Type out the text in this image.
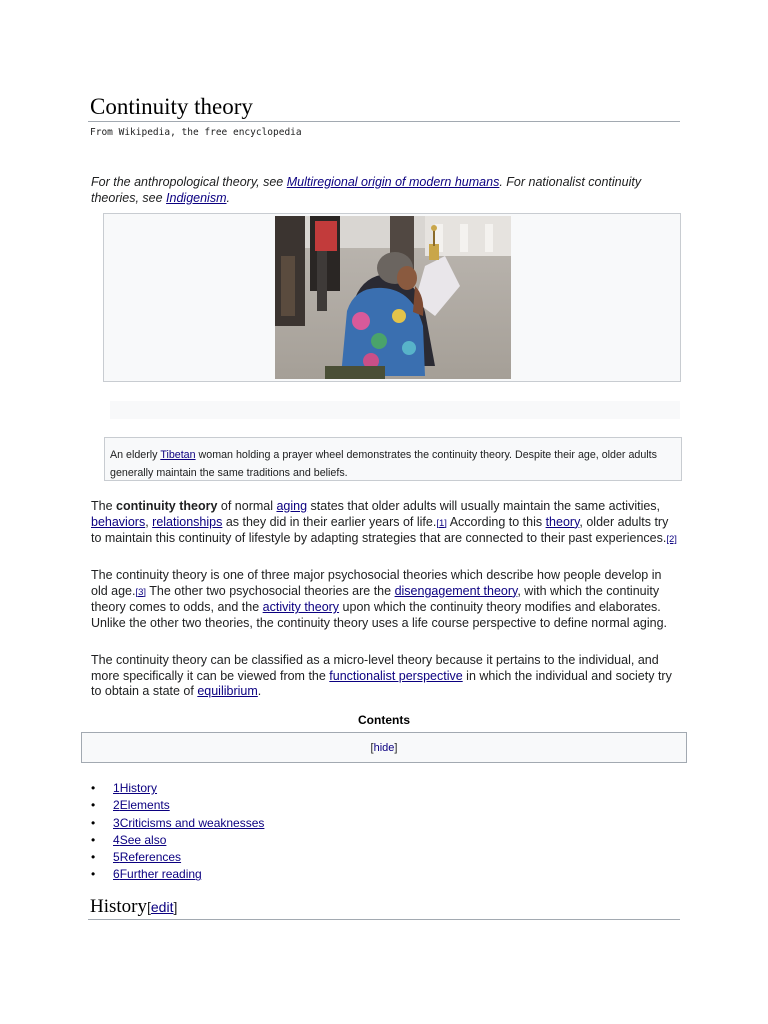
Continuity theory
From Wikipedia, the free encyclopedia
For the anthropological theory, see Multiregional origin of modern humans. For nationalist continuity theories, see Indigenism.
An elderly Tibetan woman holding a prayer wheel demonstrates the continuity theory. Despite their age, older adults generally maintain the same traditions and beliefs.

The continuity theory of normal aging states that older adults will usually maintain the same activities, behaviors, relationships as they did in their earlier years of life.[1] According to this theory, older adults try to maintain this continuity of lifestyle by adapting strategies that are connected to their past experiences.[2]

The continuity theory is one of three major psychosocial theories which describe how people develop in old age.[3] The other two psychosocial theories are the disengagement theory, with which the continuity theory comes to odds, and the activity theory upon which the continuity theory modifies and elaborates. Unlike the other two theories, the continuity theory uses a life course perspective to define normal aging.

The continuity theory can be classified as a micro-level theory because it pertains to the individual, and more specifically it can be viewed from the functionalist perspective in which the individual and society try to obtain a state of equilibrium.

Contents
[hide]
• 1History
• 2Elements
• 3Criticisms and weaknesses
• 4See also
• 5References
• 6Further reading
History[edit]
